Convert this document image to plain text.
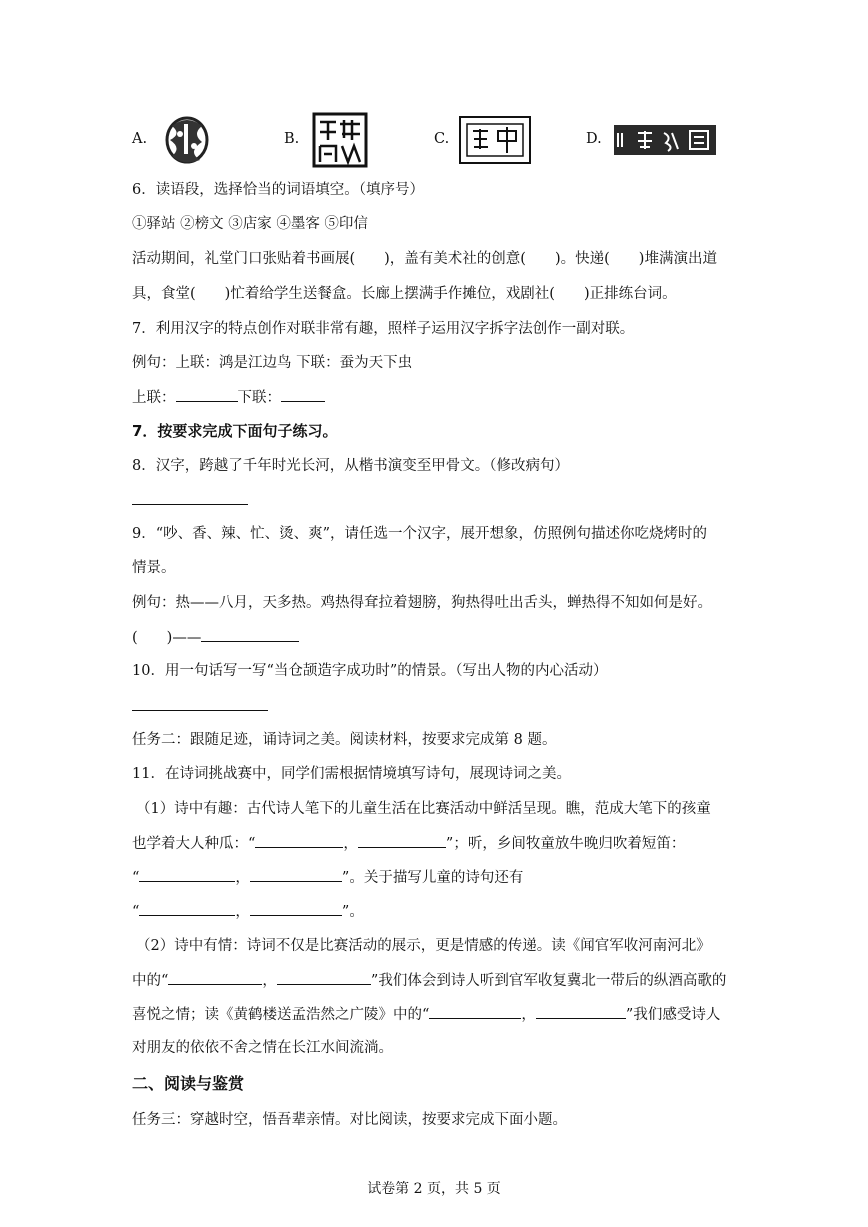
A.	B.	C.	D.
6．读语段，选择恰当的词语填空。（填序号）
①驿站 ②榜文 ③店家 ④墨客 ⑤印信
活动期间，礼堂门口张贴着书画展(　　)，盖有美术社的创意(　　)。快递(　　)堆满演出道
具，食堂(　　)忙着给学生送餐盒。长廊上摆满手作摊位，戏剧社(　　)正排练台词。
7．利用汉字的特点创作对联非常有趣，照样子运用汉字拆字法创作一副对联。
例句：上联：鸿是江边鸟 下联：蚕为天下虫
上联：	下联：
7．按要求完成下面句子练习。
8．汉字，跨越了千年时光长河，从楷书演变至甲骨文。（修改病句）
9．“吵、香、辣、忙、烫、爽”，请任选一个汉字，展开想象，仿照例句描述你吃烧烤时的
情景。
例句：热——八月，天多热。鸡热得耷拉着翅膀，狗热得吐出舌头，蝉热得不知如何是好。
(　　)——
10．用一句话写一写“当仓颉造字成功时”的情景。（写出人物的内心活动）
任务二：跟随足迹，诵诗词之美。阅读材料，按要求完成第 8 题。
11．在诗词挑战赛中，同学们需根据情境填写诗句，展现诗词之美。
（1）诗中有趣：古代诗人笔下的儿童生活在比赛活动中鲜活呈现。瞧，范成大笔下的孩童
也学着大人种瓜：“	，	”；听，乡间牧童放牛晚归吹着短笛：
“	，	”。关于描写儿童的诗句还有
“	，	”。
（2）诗中有情：诗词不仅是比赛活动的展示，更是情感的传递。读《闻官军收河南河北》
中的“	，	”我们体会到诗人听到官军收复冀北一带后的纵酒高歌的
喜悦之情；读《黄鹤楼送孟浩然之广陵》中的“	，	”我们感受诗人
对朋友的依依不舍之情在长江水间流淌。
二、阅读与鉴赏
任务三：穿越时空，悟吾辈亲情。对比阅读，按要求完成下面小题。
试卷第 2 页，共 5 页
